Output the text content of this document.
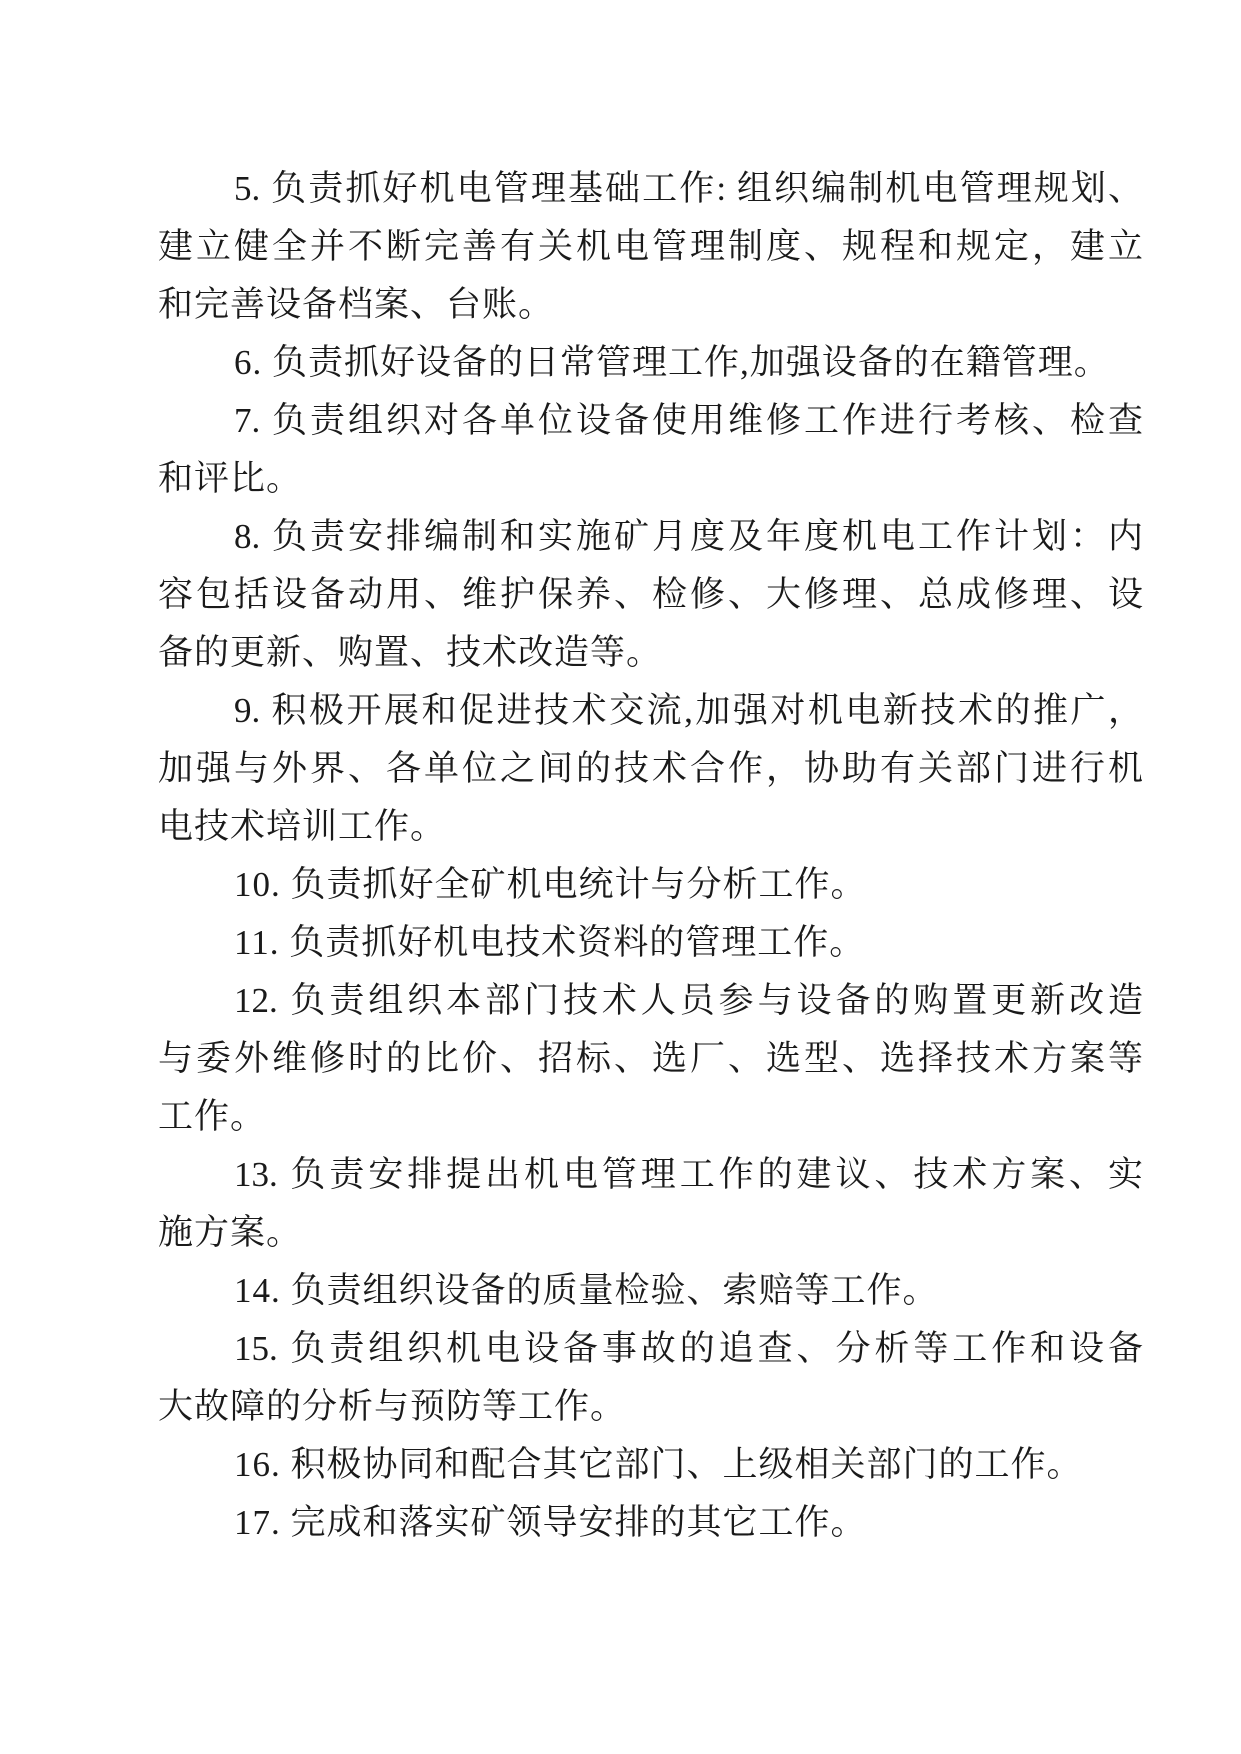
5. 负责抓好机电管理基础工作: 组织编制机电管理规划、
建立健全并不断完善有关机电管理制度、规程和规定，建立
和完善设备档案、台账。
6. 负责抓好设备的日常管理工作,加强设备的在籍管理。
7. 负责组织对各单位设备使用维修工作进行考核、检查
和评比。
8. 负责安排编制和实施矿月度及年度机电工作计划：内
容包括设备动用、维护保养、检修、大修理、总成修理、设
备的更新、购置、技术改造等。
9. 积极开展和促进技术交流,加强对机电新技术的推广，
加强与外界、各单位之间的技术合作，协助有关部门进行机
电技术培训工作。
10. 负责抓好全矿机电统计与分析工作。
11. 负责抓好机电技术资料的管理工作。
12. 负责组织本部门技术人员参与设备的购置更新改造
与委外维修时的比价、招标、选厂、选型、选择技术方案等
工作。
13. 负责安排提出机电管理工作的建议、技术方案、实
施方案。
14. 负责组织设备的质量检验、索赔等工作。
15. 负责组织机电设备事故的追查、分析等工作和设备
大故障的分析与预防等工作。
16. 积极协同和配合其它部门、上级相关部门的工作。
17. 完成和落实矿领导安排的其它工作。
